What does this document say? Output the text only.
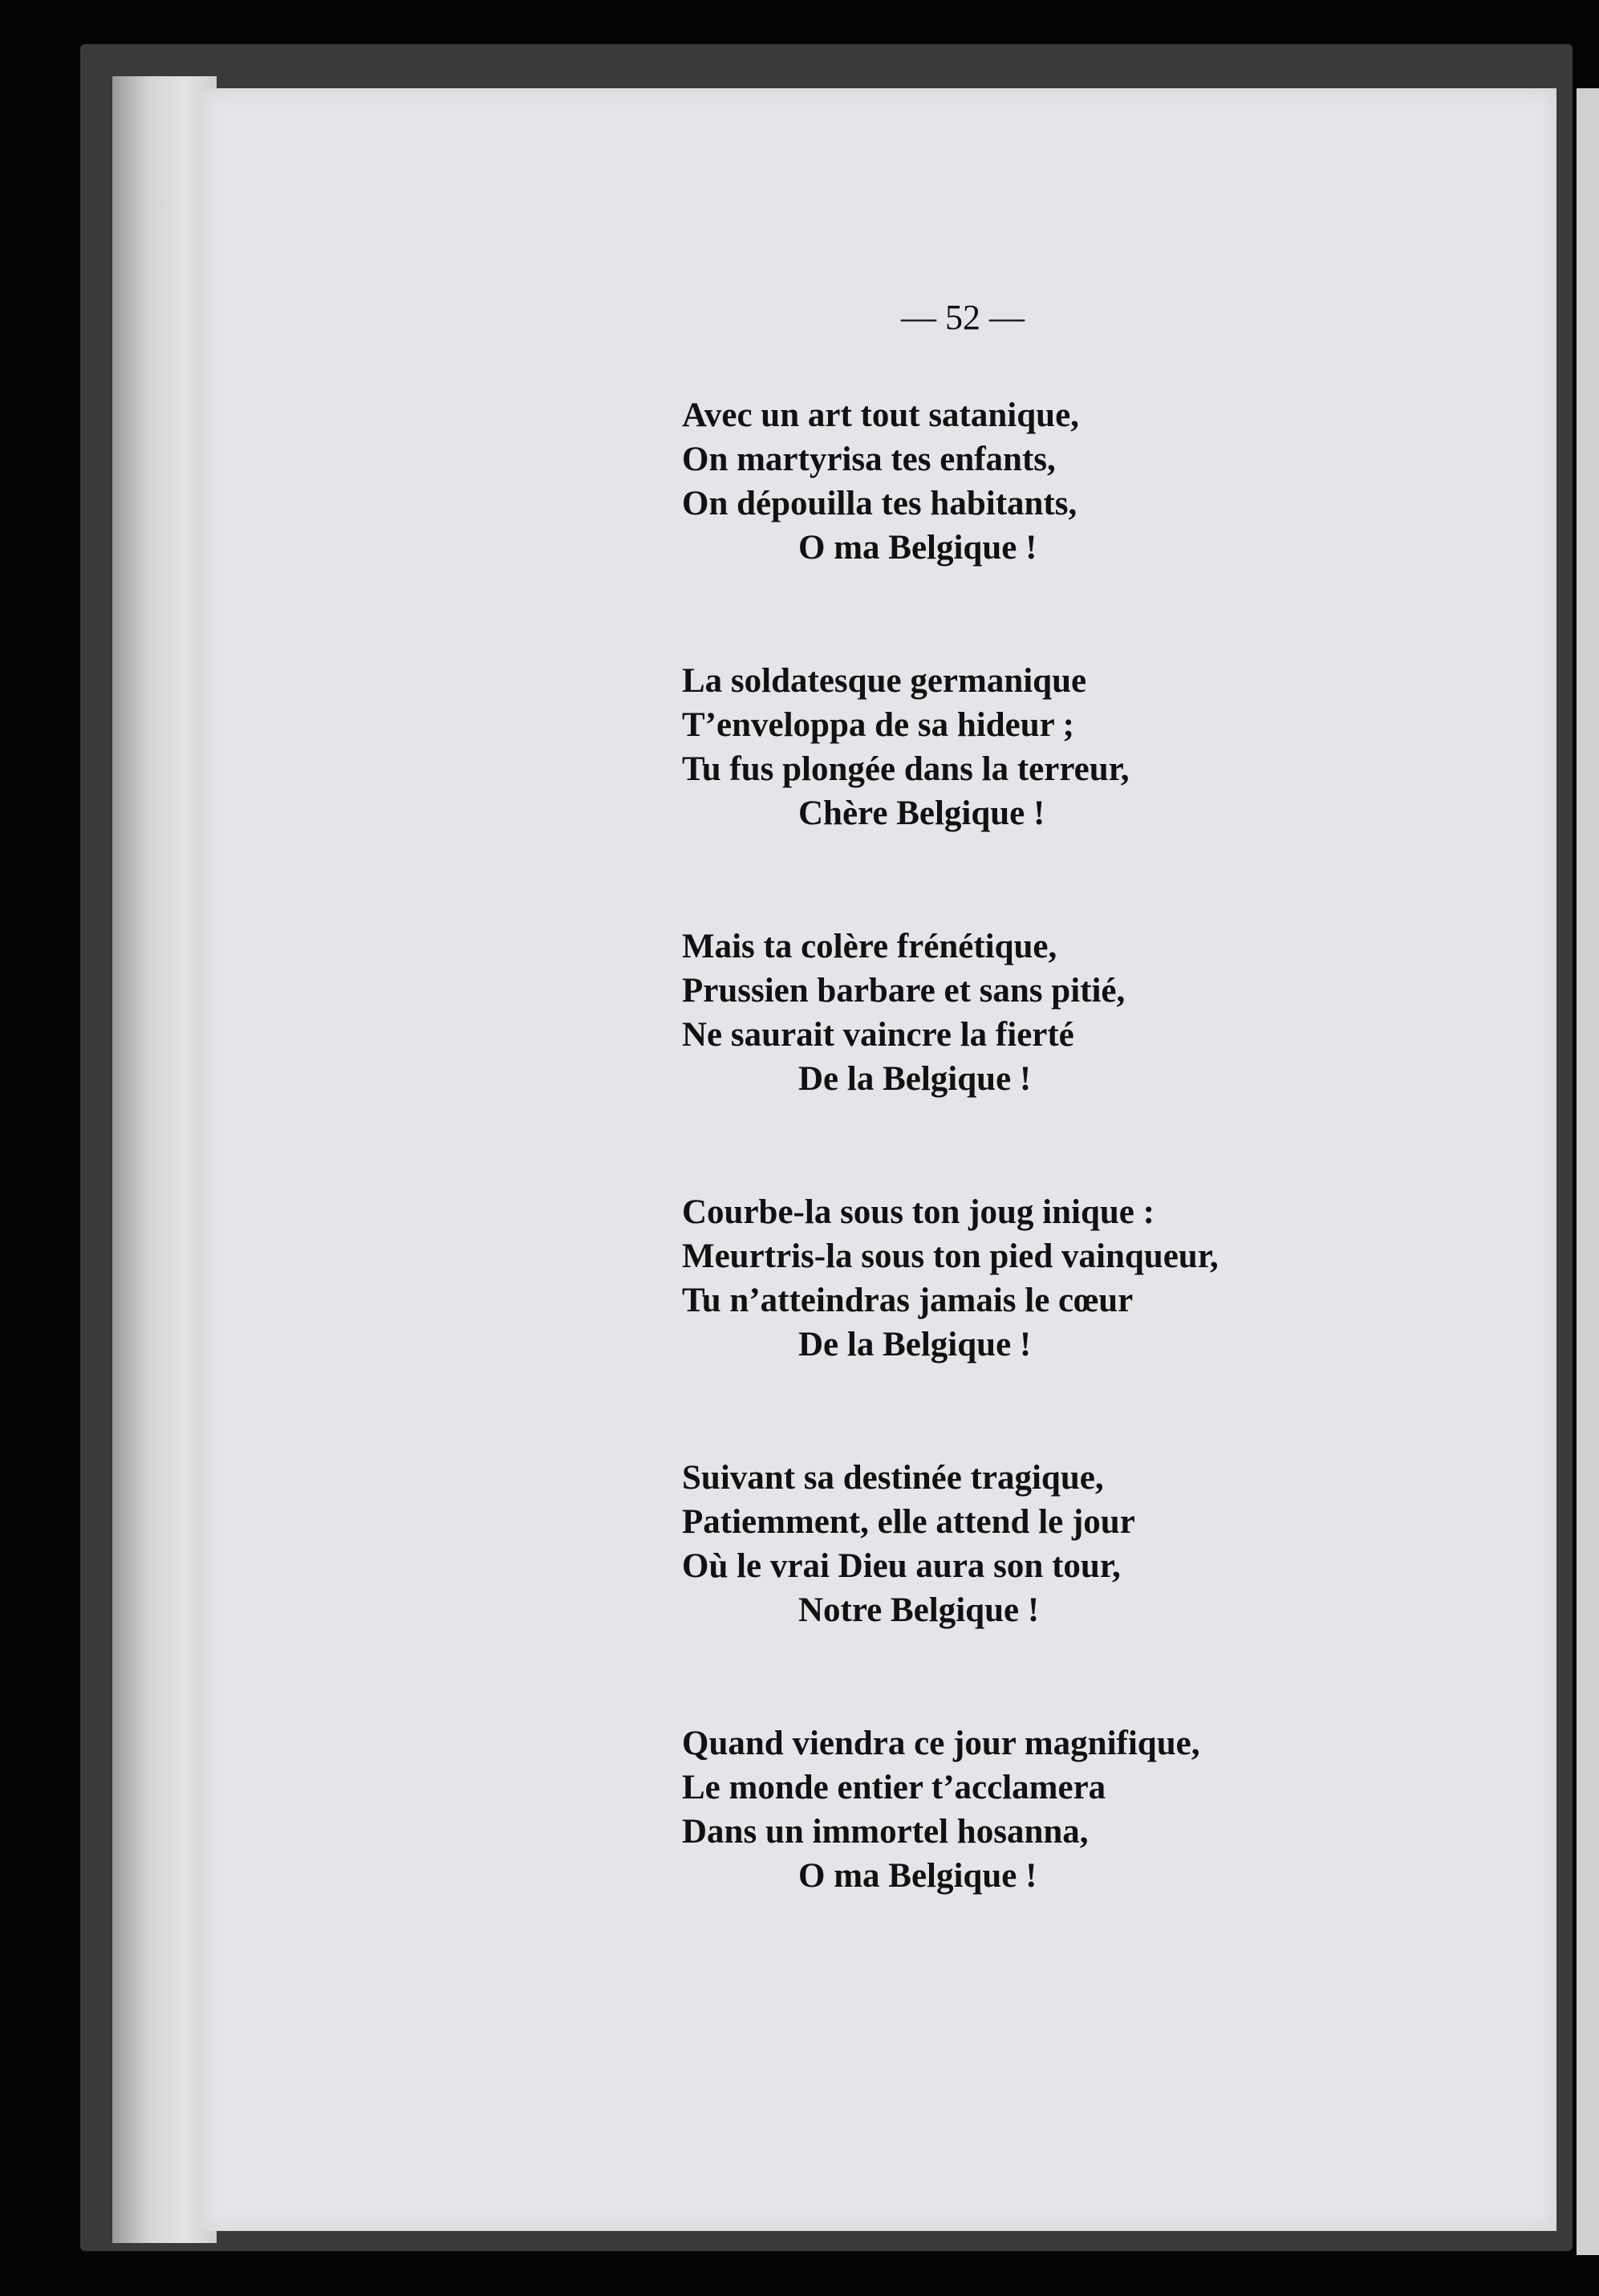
— 52 —
Avec un art tout satanique,
On martyrisa tes enfants,
On dépouilla tes habitants,
O ma Belgique !
La soldatesque germanique
T’enveloppa de sa hideur ;
Tu fus plongée dans la terreur,
Chère Belgique !
Mais ta colère frénétique,
Prussien barbare et sans pitié,
Ne saurait vaincre la fierté
De la Belgique !
Courbe-la sous ton joug inique :
Meurtris-la sous ton pied vainqueur,
Tu n’atteindras jamais le cœur
De la Belgique !
Suivant sa destinée tragique,
Patiemment, elle attend le jour
Où le vrai Dieu aura son tour,
Notre Belgique !
Quand viendra ce jour magnifique,
Le monde entier t’acclamera
Dans un immortel hosanna,
O ma Belgique !
